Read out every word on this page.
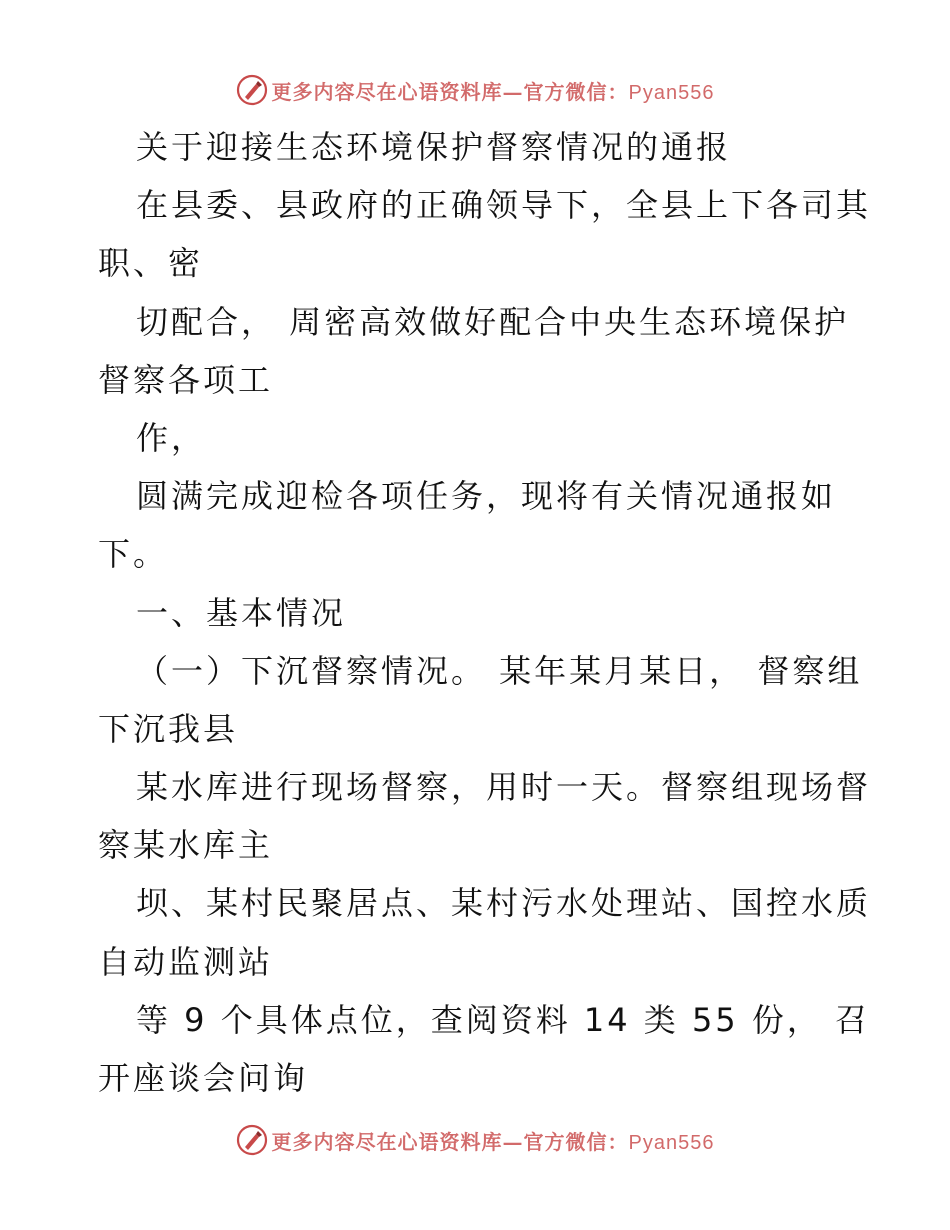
更多内容尽在心语资料库—官方微信：Pyan556
关于迎接生态环境保护督察情况的通报
在县委、县政府的正确领导下，全县上下各司其
职、密
切配合， 周密高效做好配合中央生态环境保护
督察各项工
作，
圆满完成迎检各项任务，现将有关情况通报如
下。
一、基本情况
（一）下沉督察情况。 某年某月某日， 督察组
下沉我县
某水库进行现场督察，用时一天。督察组现场督
察某水库主
坝、某村民聚居点、某村污水处理站、国控水质
自动监测站
等 9 个具体点位，查阅资料 14 类 55 份， 召
开座谈会问询
更多内容尽在心语资料库—官方微信：Pyan556
